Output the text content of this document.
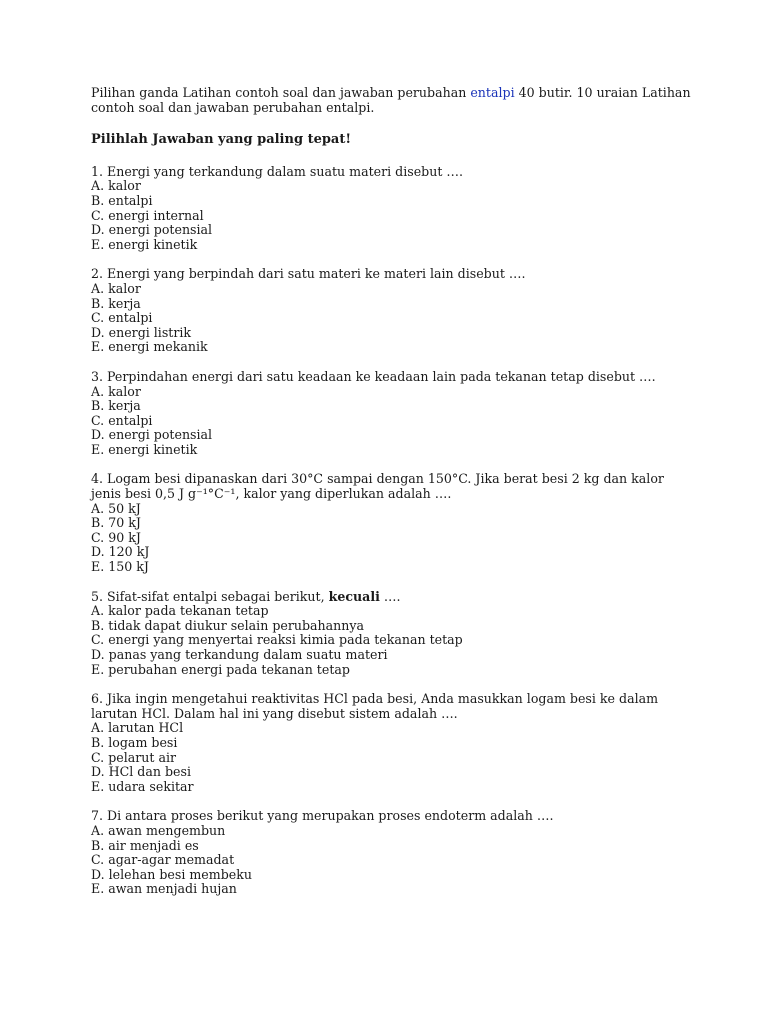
Pilihan ganda Latihan contoh soal dan jawaban perubahan entalpi 40 butir. 10 uraian Latihan contoh soal dan jawaban perubahan entalpi.

Pilihlah Jawaban yang paling tepat!

1. Energi yang terkandung dalam suatu materi disebut ….

A. kalor
B. entalpi
C. energi internal
D. energi potensial
E. energi kinetik

2. Energi yang berpindah dari satu materi ke materi lain disebut ….

A. kalor
B. kerja
C. entalpi
D. energi listrik
E. energi mekanik

3. Perpindahan energi dari satu keadaan ke keadaan lain pada tekanan tetap disebut ….

A. kalor
B. kerja
C. entalpi
D. energi potensial
E. energi kinetik

4. Logam besi dipanaskan dari 30°C sampai dengan 150°C. Jika berat besi 2 kg dan kalor jenis besi 0,5 J g⁻¹°C⁻¹, kalor yang diperlukan adalah ….

A. 50 kJ
B. 70 kJ
C. 90 kJ
D. 120 kJ
E. 150 kJ

5. Sifat-sifat entalpi sebagai berikut, kecuali ….

A. kalor pada tekanan tetap
B. tidak dapat diukur selain perubahannya
C. energi yang menyertai reaksi kimia pada tekanan tetap
D. panas yang terkandung dalam suatu materi
E. perubahan energi pada tekanan tetap

6. Jika ingin mengetahui reaktivitas HCl pada besi, Anda masukkan logam besi ke dalam larutan HCl. Dalam hal ini yang disebut sistem adalah ….

A. larutan HCl
B. logam besi
C. pelarut air
D. HCl dan besi
E. udara sekitar

7. Di antara proses berikut yang merupakan proses endoterm adalah ….

A. awan mengembun
B. air menjadi es
C. agar-agar memadat
D. lelehan besi membeku
E. awan menjadi hujan
